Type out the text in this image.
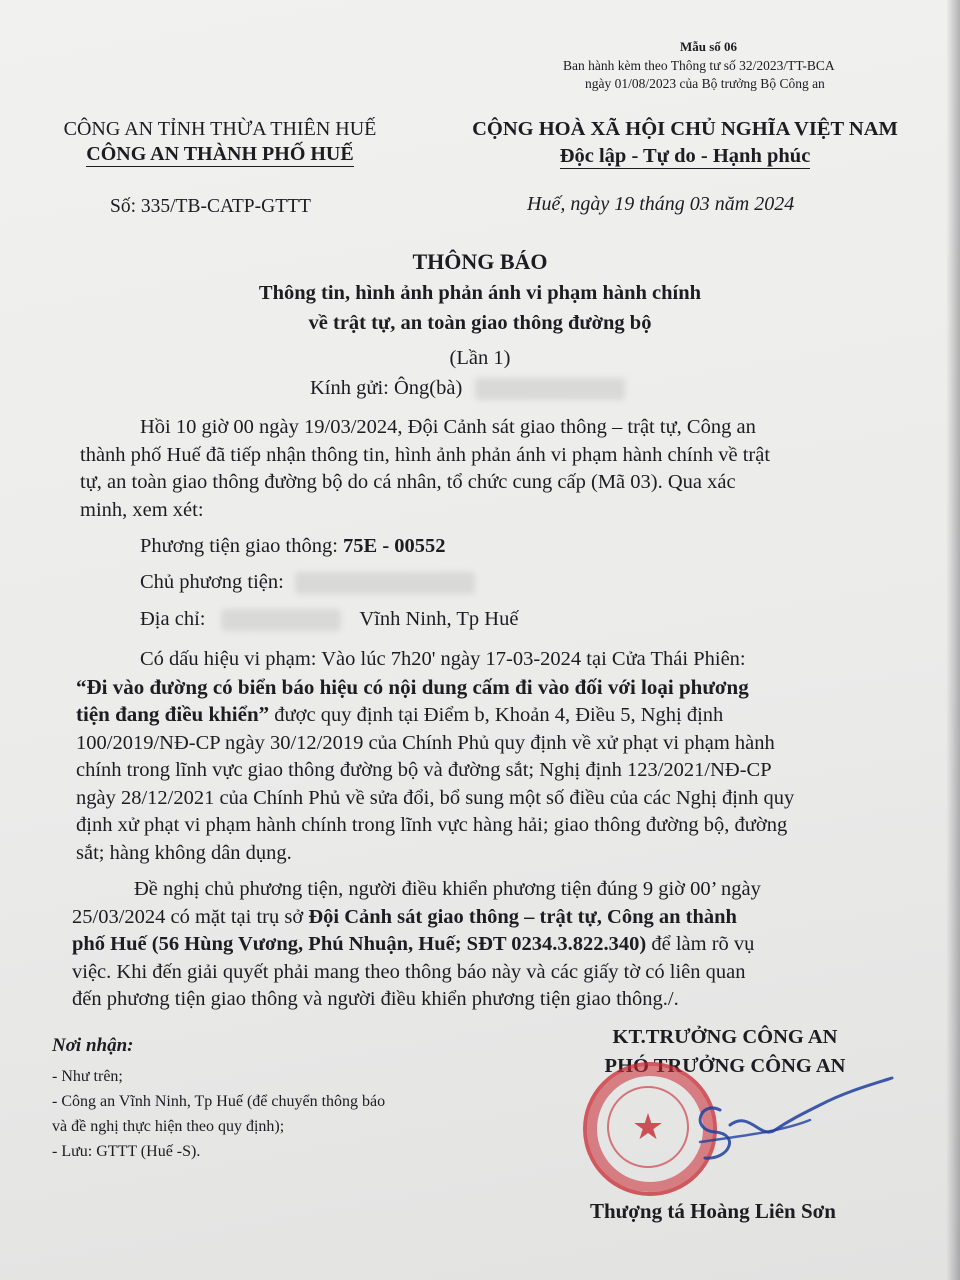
Mẫu số 06
Ban hành kèm theo Thông tư số 32/2023/TT-BCA
ngày 01/08/2023 của Bộ trưởng Bộ Công an
CÔNG AN TỈNH THỪA THIÊN HUẾ
CÔNG AN THÀNH PHỐ HUẾ
Số: 335/TB-CATP-GTTT
CỘNG HOÀ XÃ HỘI CHỦ NGHĨA VIỆT NAM
Độc lập - Tự do - Hạnh phúc
Huế, ngày 19 tháng 03 năm 2024
THÔNG BÁO
Thông tin, hình ảnh phản ánh vi phạm hành chính
về trật tự, an toàn giao thông đường bộ
(Lần 1)
Kính gửi: Ông(bà)

Hồi 10 giờ 00 ngày 19/03/2024, Đội Cảnh sát giao thông – trật tự, Công an

thành phố Huế đã tiếp nhận thông tin, hình ảnh phản ánh vi phạm hành chính về trật

tự, an toàn giao thông đường bộ do cá nhân, tổ chức cung cấp (Mã 03). Qua xác

minh, xem xét:

Phương tiện giao thông: 75E - 00552
Chủ phương tiện:
Địa chỉ:	Vĩnh Ninh, Tp Huế

Có dấu hiệu vi phạm: Vào lúc 7h20' ngày 17-03-2024 tại Cửa Thái Phiên:

“Đi vào đường có biển báo hiệu có nội dung cấm đi vào đối với loại phương

tiện đang điều khiển” được quy định tại Điểm b, Khoản 4, Điều 5, Nghị định

100/2019/NĐ-CP ngày 30/12/2019 của Chính Phủ quy định về xử phạt vi phạm hành

chính trong lĩnh vực giao thông đường bộ và đường sắt; Nghị định 123/2021/NĐ-CP

ngày 28/12/2021 của Chính Phủ về sửa đổi, bổ sung một số điều của các Nghị định quy

định xử phạt vi phạm hành chính trong lĩnh vực hàng hải; giao thông đường bộ, đường

sắt; hàng không dân dụng.

Đề nghị chủ phương tiện, người điều khiển phương tiện đúng 9 giờ 00’ ngày

25/03/2024 có mặt tại trụ sở Đội Cảnh sát giao thông – trật tự, Công an thành

phố Huế (56 Hùng Vương, Phú Nhuận, Huế; SĐT 0234.3.822.340) để làm rõ vụ

việc. Khi đến giải quyết phải mang theo thông báo này và các giấy tờ có liên quan

đến phương tiện giao thông và người điều khiển phương tiện giao thông./.

Nơi nhận:
- Như trên;
- Công an Vĩnh Ninh, Tp Huế (để chuyển thông báo
và đề nghị thực hiện theo quy định);
- Lưu: GTTT (Huế -S).
KT.TRƯỞNG CÔNG AN
PHÓ TRƯỞNG CÔNG AN
★
Thượng tá Hoàng Liên Sơn
